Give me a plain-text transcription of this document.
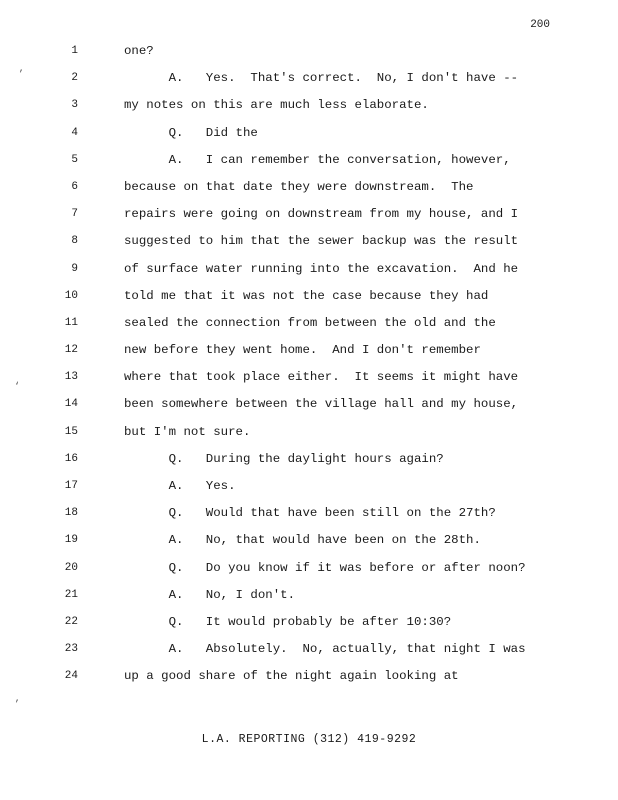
200
1	one?
2	A.   Yes.  That's correct.  No, I don't have --
3	my notes on this are much less elaborate.
4	Q.   Did the
5	A.   I can remember the conversation, however,
6	because on that date they were downstream.  The
7	repairs were going on downstream from my house, and I
8	suggested to him that the sewer backup was the result
9	of surface water running into the excavation.  And he
10	told me that it was not the case because they had
11	sealed the connection from between the old and the
12	new before they went home.  And I don't remember
13	where that took place either.  It seems it might have
14	been somewhere between the village hall and my house,
15	but I'm not sure.
16	Q.   During the daylight hours again?
17	A.   Yes.
18	Q.   Would that have been still on the 27th?
19	A.   No, that would have been on the 28th.
20	Q.   Do you know if it was before or after noon?
21	A.   No, I don't.
22	Q.   It would probably be after 10:30?
23	A.   Absolutely.  No, actually, that night I was
24	up a good share of the night again looking at
L.A. REPORTING (312) 419-9292
’
‘
’
